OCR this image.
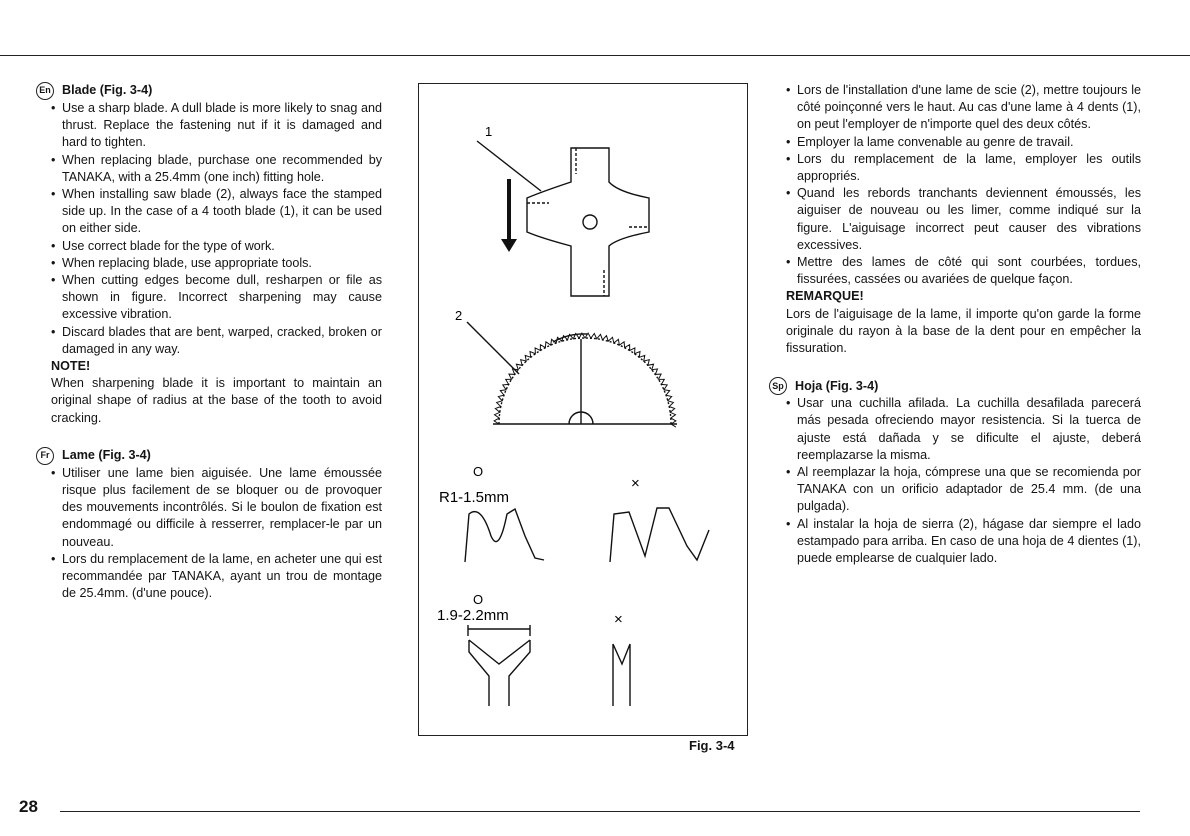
En Blade (Fig. 3-4)

• Use a sharp blade. A dull blade is more likely to snag and thrust. Replace the fastening nut if it is damaged and hard to tighten.
• When replacing blade, purchase one recommended by TANAKA, with a 25.4mm (one inch) fitting hole.
• When installing saw blade (2), always face the stamped side up. In the case of a 4 tooth blade (1), it can be used on either side.
• Use correct blade for the type of work.
• When replacing blade, use appropriate tools.
• When cutting edges become dull, resharpen or file as shown in figure. Incorrect sharpening may cause excessive vibration.
• Discard blades that are bent, warped, cracked, broken or damaged in any way.

NOTE!

When sharpening blade it is important to maintain an original shape of radius at the base of the tooth to avoid cracking.

Fr Lame (Fig. 3-4)

• Utiliser une lame bien aiguisée. Une lame émoussée risque plus facilement de se bloquer ou de provoquer des mouvements incontrôlés. Si le boulon de fixation est endommagé ou difficile à resserrer, remplacer-le par un nouveau.
• Lors du remplacement de la lame, en acheter une qui est recommandée par TANAKA, ayant un trou de montage de 25.4mm. (d'une pouce).
1
2
O
×
R1-1.5mm
O
×
1.9-2.2mm
Fig. 3-4
• Lors de l'installation d'une lame de scie (2), mettre toujours le côté poinçonné vers le haut. Au cas d'une lame à 4 dents (1), on peut l'employer de n'importe quel des deux côtés.
• Employer la lame convenable au genre de travail.
• Lors du remplacement de la lame, employer les outils appropriés.
• Quand les rebords tranchants deviennent émoussés, les aiguiser de nouveau ou les limer, comme indiqué sur la figure. L'aiguisage incorrect peut causer des vibrations excessives.
• Mettre des lames de côté qui sont courbées, tordues, fissurées, cassées ou avariées de quelque façon.

REMARQUE!

Lors de l'aiguisage de la lame, il importe qu'on garde la forme originale du rayon à la base de la dent pour en empêcher la fissuration.

Sp Hoja (Fig. 3-4)

• Usar una cuchilla afilada. La cuchilla desafilada parecerá más pesada ofreciendo mayor resistencia. Si la tuerca de ajuste está dañada y se dificulte el ajuste, deberá reemplazarse la misma.
• Al reemplazar la hoja, cómprese una que se recomienda por TANAKA con un orificio adaptador de 25.4 mm. (de una pulgada).
• Al instalar la hoja de sierra (2), hágase dar siempre el lado estampado para arriba. En caso de una hoja de 4 dientes (1), puede emplearse de cualquier lado.
28
